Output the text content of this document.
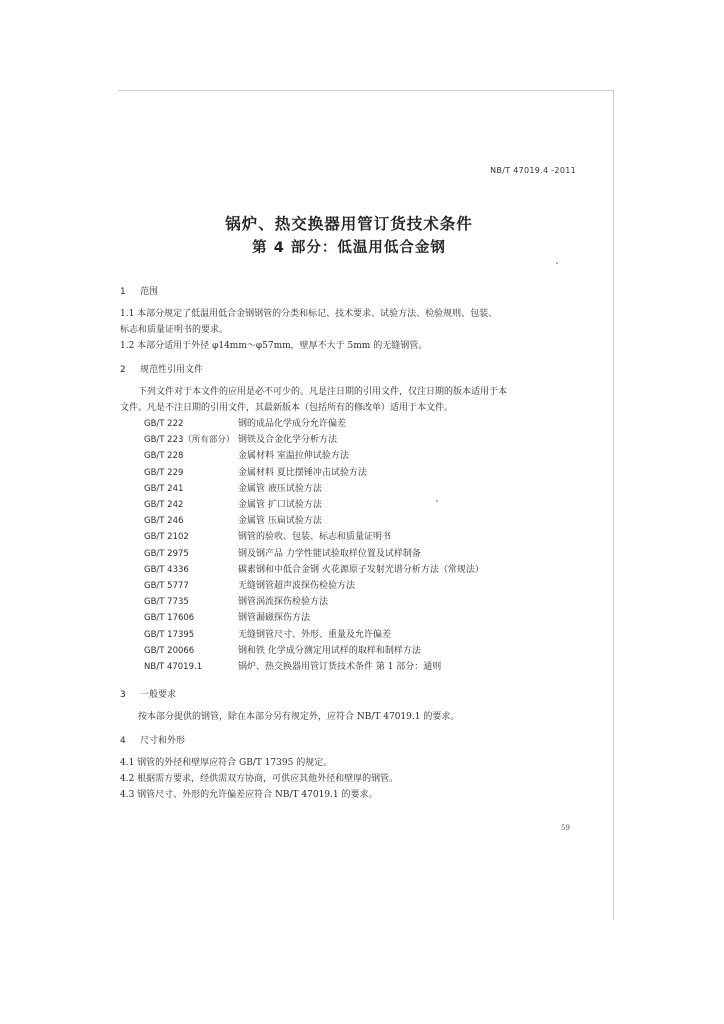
NB/T 47019.4 -2011
锅炉、热交换器用管订货技术条件
第 4 部分：低温用低合金钢
1 范围

1.1 本部分规定了低温用低合金钢钢管的分类和标记、技术要求、试验方法、检验规则、包装、

标志和质量证明书的要求。

1.2 本部分适用于外径 φ14mm～φ57mm，壁厚不大于 5mm 的无缝钢管。

2 规范性引用文件

下列文件对于本文件的应用是必不可少的。凡是注日期的引用文件，仅注日期的版本适用于本

文件。凡是不注日期的引用文件，其最新版本（包括所有的修改单）适用于本文件。

GB/T 222	钢的成品化学成分允许偏差
GB/T 223（所有部分） 钢铁及合金化学分析方法
GB/T 228	金属材料 室温拉伸试验方法
GB/T 229	金属材料 夏比摆锤冲击试验方法
GB/T 241	金属管 液压试验方法
GB/T 242	金属管 扩口试验方法
GB/T 246	金属管 压扁试验方法
GB/T 2102	钢管的验收、包装、标志和质量证明书
GB/T 2975	钢及钢产品 力学性能试验取样位置及试样制备
GB/T 4336	碳素钢和中低合金钢 火花源原子发射光谱分析方法（常规法）
GB/T 5777	无缝钢管超声波探伤检验方法
GB/T 7735	钢管涡流探伤检验方法
GB/T 17606	钢管漏磁探伤方法
GB/T 17395	无缝钢管尺寸、外形、重量及允许偏差
GB/T 20066	钢和铁 化学成分测定用试样的取样和制样方法
NB/T 47019.1	锅炉、热交换器用管订货技术条件 第 1 部分：通则
3 一般要求

按本部分提供的钢管，除在本部分另有规定外，应符合 NB/T 47019.1 的要求。

4 尺寸和外形

4.1 钢管的外径和壁厚应符合 GB/T 17395 的规定。

4.2 根据需方要求，经供需双方协商，可供应其他外径和壁厚的钢管。

4.3 钢管尺寸、外形的允许偏差应符合 NB/T 47019.1 的要求。

59
